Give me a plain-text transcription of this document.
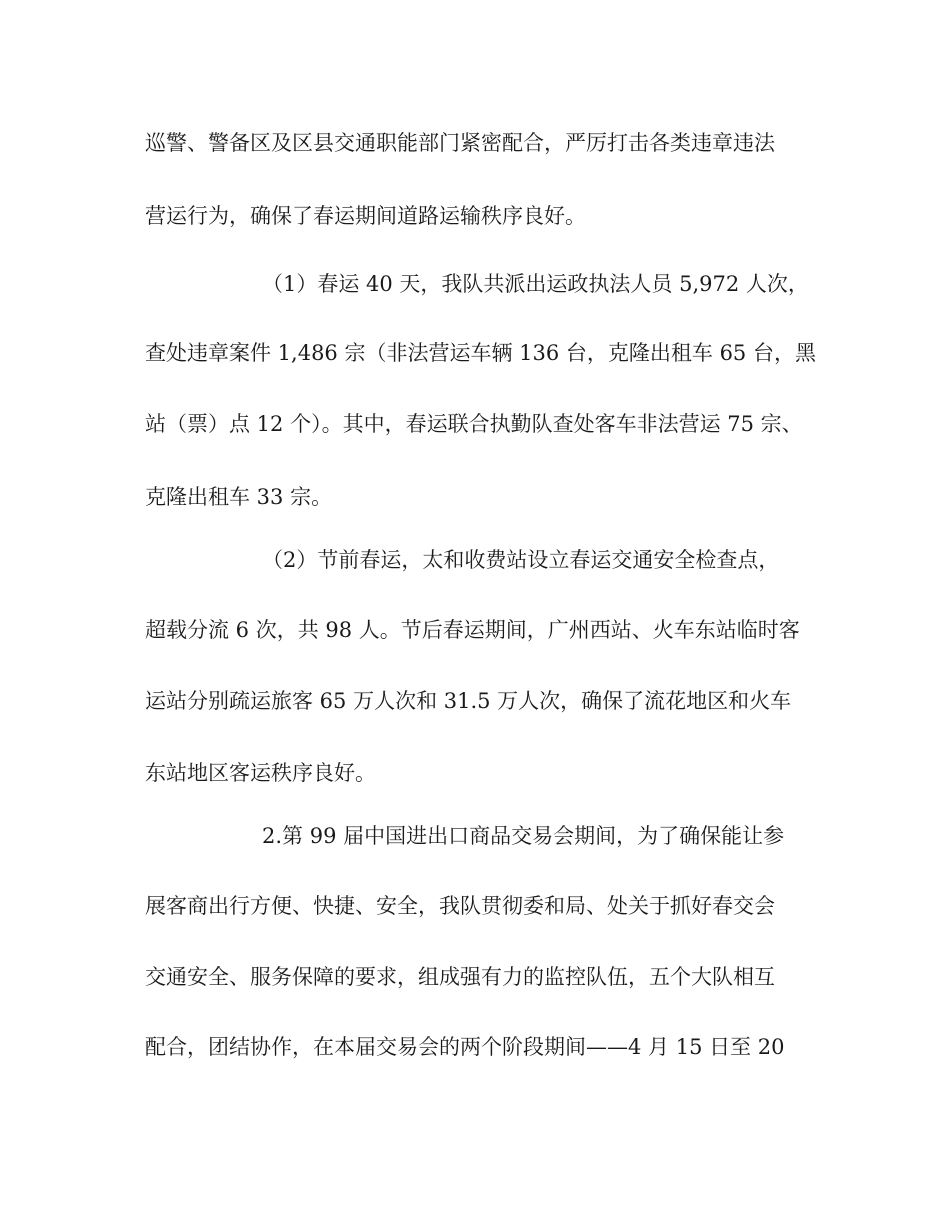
巡警、警备区及区县交通职能部门紧密配合，严厉打击各类违章违法

营运行为，确保了春运期间道路运输秩序良好。

（1）春运 40 天，我队共派出运政执法人员 5,972 人次，

查处违章案件 1,486 宗（非法营运车辆 136 台，克隆出租车 65 台，黑

站（票）点 12 个）。其中，春运联合执勤队查处客车非法营运 75 宗、

克隆出租车 33 宗。

（2）节前春运，太和收费站设立春运交通安全检查点，

超载分流 6 次，共 98 人。节后春运期间，广州西站、火车东站临时客

运站分别疏运旅客 65 万人次和 31.5 万人次，确保了流花地区和火车

东站地区客运秩序良好。

2.第 99 届中国进出口商品交易会期间，为了确保能让参

展客商出行方便、快捷、安全，我队贯彻委和局、处关于抓好春交会

交通安全、服务保障的要求，组成强有力的监控队伍，五个大队相互

配合，团结协作，在本届交易会的两个阶段期间——4 月 15 日至 20
